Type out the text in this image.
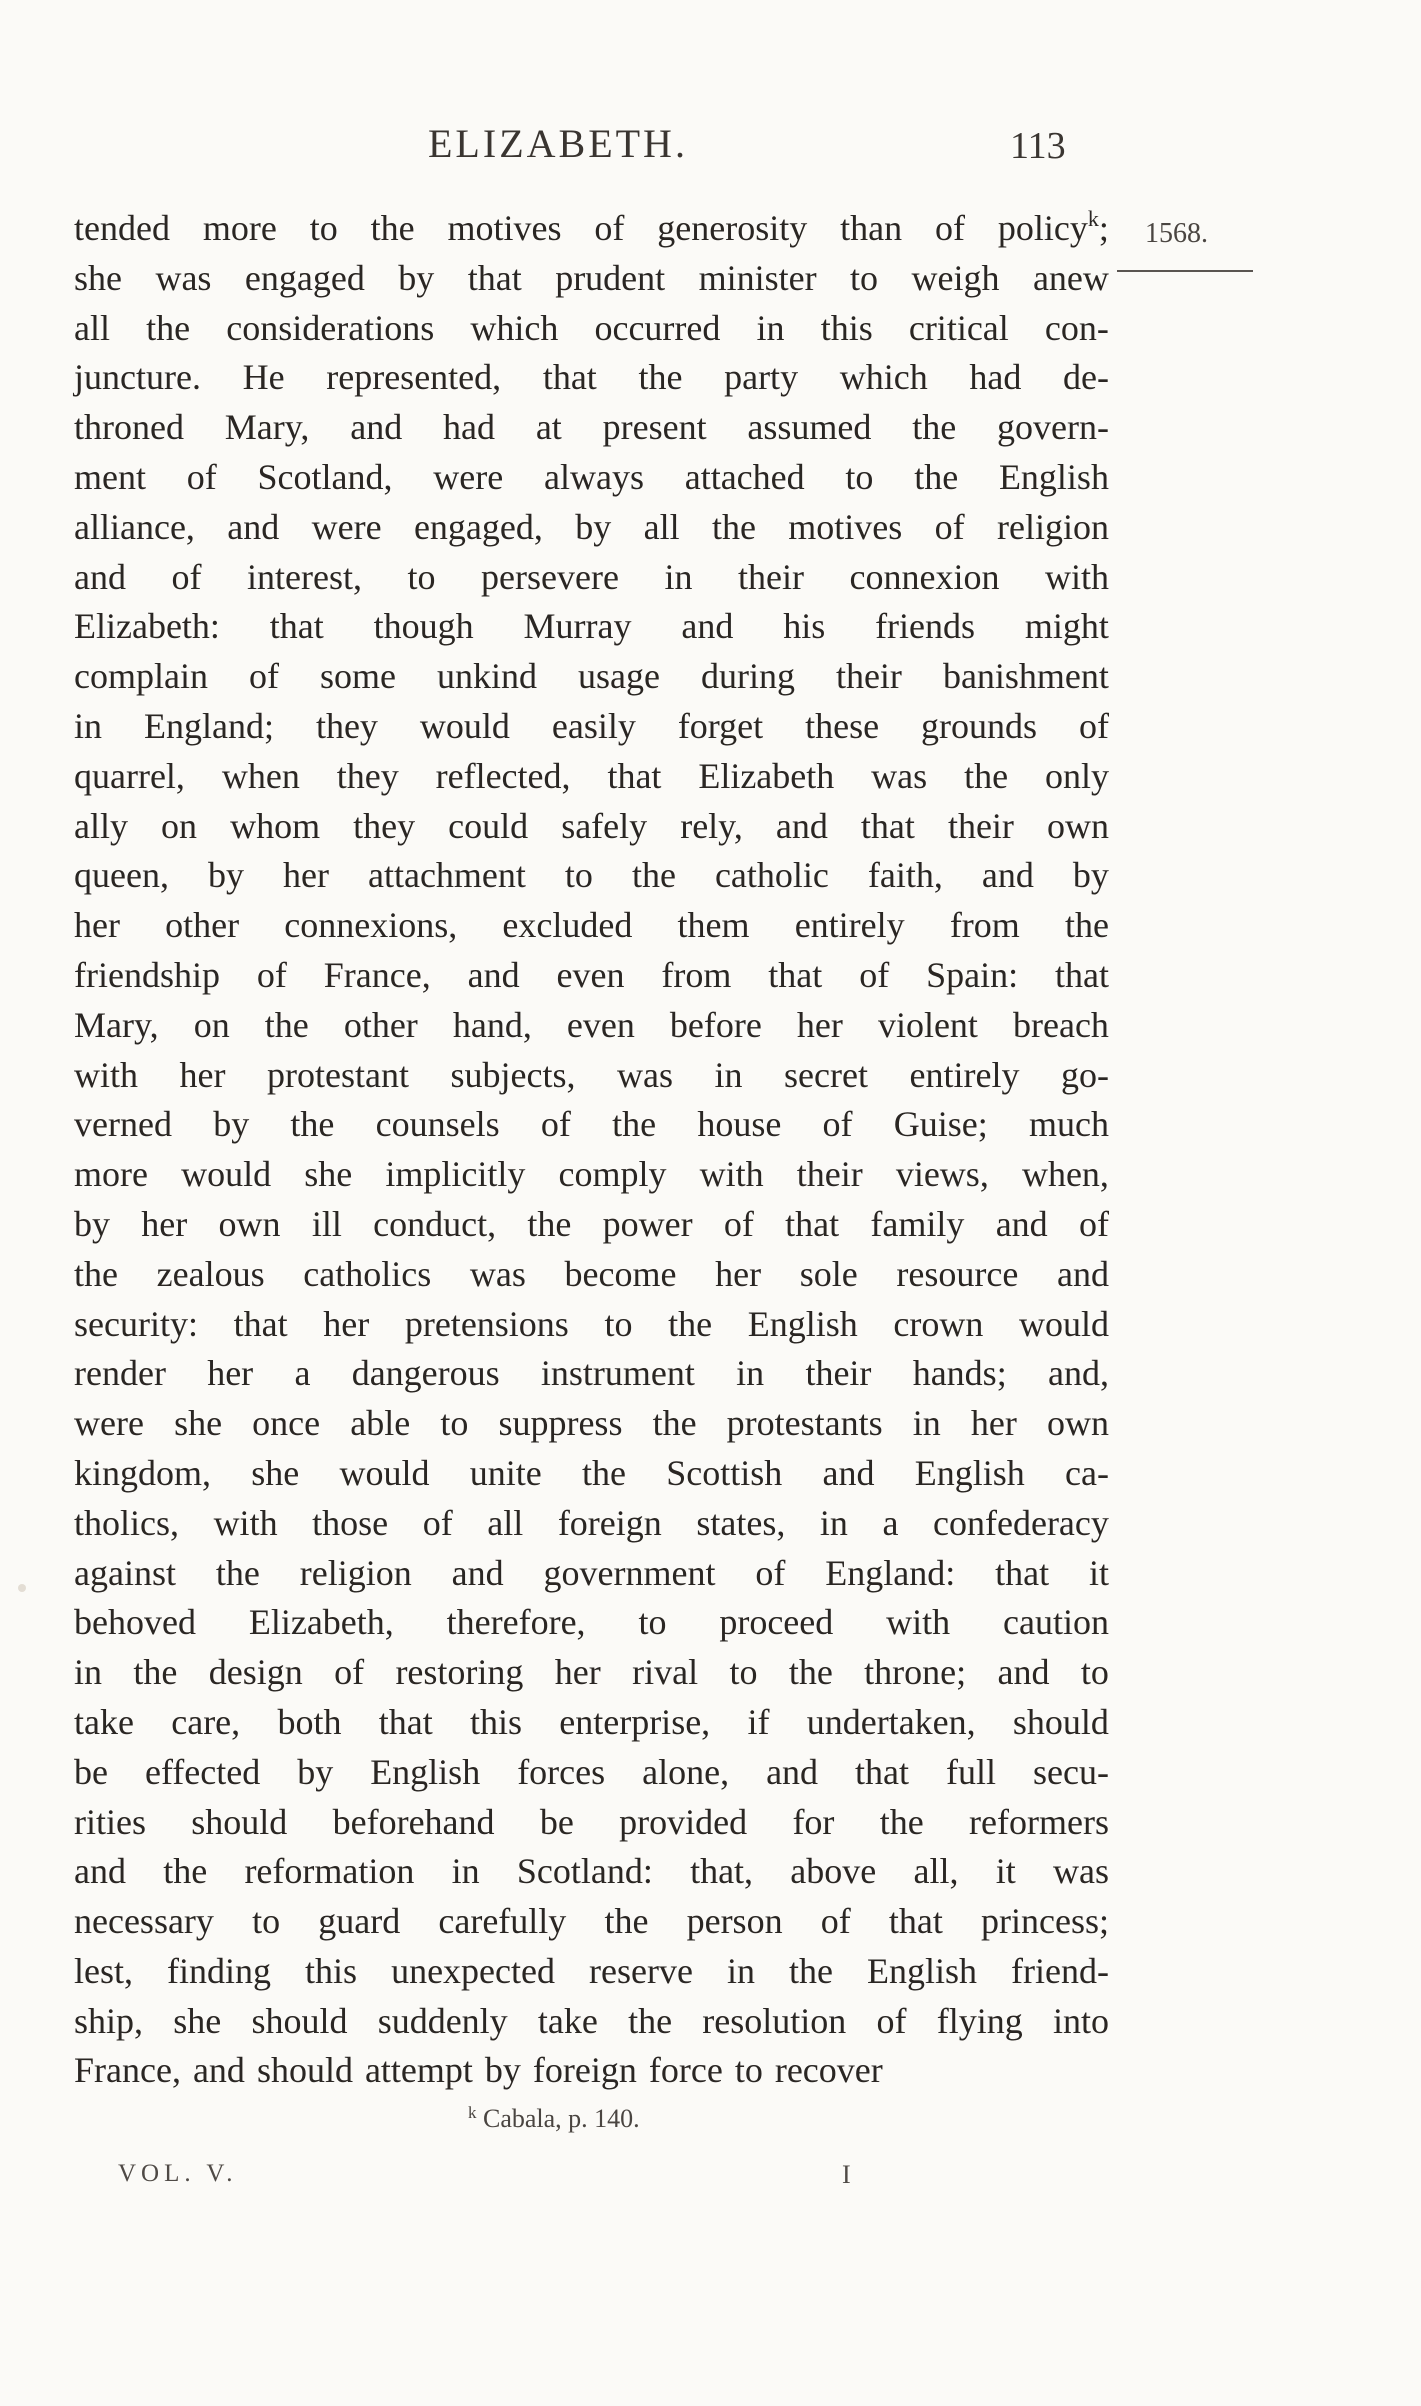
ELIZABETH.	113
1568.
tended more to the motives of generosity than of policy$^k$;
she was engaged by that prudent minister to weigh anew
all the considerations which occurred in this critical con-
juncture. He represented, that the party which had de-
throned Mary, and had at present assumed the govern-
ment of Scotland, were always attached to the English
alliance, and were engaged, by all the motives of religion
and of interest, to persevere in their connexion with
Elizabeth: that though Murray and his friends might
complain of some unkind usage during their banishment
in England; they would easily forget these grounds of
quarrel, when they reflected, that Elizabeth was the only
ally on whom they could safely rely, and that their own
queen, by her attachment to the catholic faith, and by
her other connexions, excluded them entirely from the
friendship of France, and even from that of Spain: that
Mary, on the other hand, even before her violent breach
with her protestant subjects, was in secret entirely go-
verned by the counsels of the house of Guise; much
more would she implicitly comply with their views, when,
by her own ill conduct, the power of that family and of
the zealous catholics was become her sole resource and
security: that her pretensions to the English crown would
render her a dangerous instrument in their hands; and,
were she once able to suppress the protestants in her own
kingdom, she would unite the Scottish and English ca-
tholics, with those of all foreign states, in a confederacy
against the religion and government of England: that it
behoved Elizabeth, therefore, to proceed with caution
in the design of restoring her rival to the throne; and to
take care, both that this enterprise, if undertaken, should
be effected by English forces alone, and that full secu-
rities should beforehand be provided for the reformers
and the reformation in Scotland: that, above all, it was
necessary to guard carefully the person of that princess;
lest, finding this unexpected reserve in the English friend-
ship, she should suddenly take the resolution of flying into
France, and should attempt by foreign force to recover
$^k$ Cabala, p. 140.
VOL. V.	I
